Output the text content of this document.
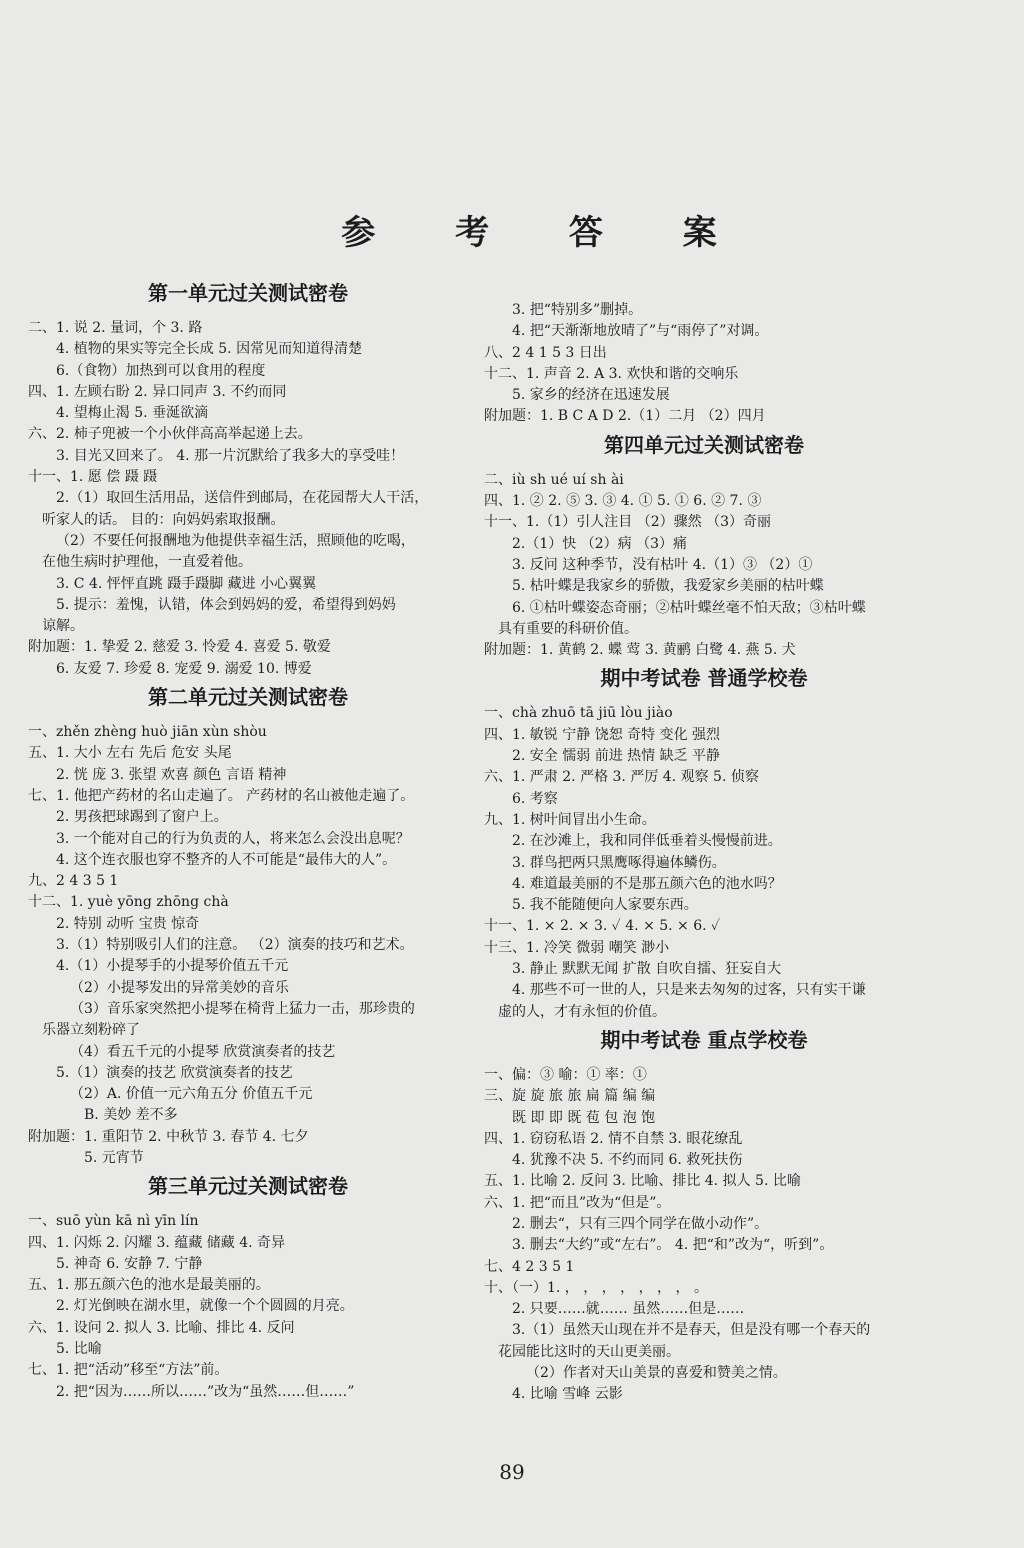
参 考 答 案
第一单元过关测试密卷
二、1. 说 2. 量词，个 3. 路
4. 植物的果实等完全长成 5. 因常见而知道得清楚
6.（食物）加热到可以食用的程度
四、1. 左顾右盼 2. 异口同声 3. 不约而同
4. 望梅止渴 5. 垂涎欲滴
六、2. 柿子兜被一个小伙伴高高举起递上去。
3. 目光又回来了。 4. 那一片沉默给了我多大的享受哇！
十一、1. 愿 偿 蹑 蹑
2.（1）取回生活用品，送信件到邮局，在花园帮大人干活，
听家人的话。 目的：向妈妈索取报酬。
（2）不要任何报酬地为他提供幸福生活，照顾他的吃喝，
在他生病时护理他，一直爱着他。
3. C 4. 怦怦直跳 蹑手蹑脚 藏进 小心翼翼
5. 提示：羞愧，认错，体会到妈妈的爱，希望得到妈妈
谅解。
附加题：1. 挚爱 2. 慈爱 3. 怜爱 4. 喜爱 5. 敬爱
6. 友爱 7. 珍爱 8. 宠爱 9. 溺爱 10. 博爱
第二单元过关测试密卷
一、zhěn zhèng huò jiān xùn shòu
五、1. 大小 左右 先后 危安 头尾
2. 恍 庞 3. 张望 欢喜 颜色 言语 精神
七、1. 他把产药材的名山走遍了。 产药材的名山被他走遍了。
2. 男孩把球踢到了窗户上。
3. 一个能对自己的行为负责的人，将来怎么会没出息呢？
4. 这个连衣服也穿不整齐的人不可能是“最伟大的人”。
九、2 4 3 5 1
十二、1. yuè yōng zhōng chà
2. 特别 动听 宝贵 惊奇
3.（1）特别吸引人们的注意。 （2）演奏的技巧和艺术。
4.（1）小提琴手的小提琴价值五千元
（2）小提琴发出的异常美妙的音乐
（3）音乐家突然把小提琴在椅背上猛力一击，那珍贵的
乐器立刻粉碎了
（4）看五千元的小提琴 欣赏演奏者的技艺
5.（1）演奏的技艺 欣赏演奏者的技艺
（2）A. 价值一元六角五分 价值五千元
B. 美妙 差不多
附加题：1. 重阳节 2. 中秋节 3. 春节 4. 七夕
5. 元宵节
第三单元过关测试密卷
一、suō yùn kā nì yīn lín
四、1. 闪烁 2. 闪耀 3. 蕴藏 储藏 4. 奇异
5. 神奇 6. 安静 7. 宁静
五、1. 那五颜六色的池水是最美丽的。
2. 灯光倒映在湖水里，就像一个个圆圆的月亮。
六、1. 设问 2. 拟人 3. 比喻、排比 4. 反问
5. 比喻
七、1. 把“活动”移至“方法”前。
2. 把“因为……所以……”改为“虽然……但……”
3. 把“特别多”删掉。
4. 把“天渐渐地放晴了”与“雨停了”对调。
八、2 4 1 5 3 日出
十二、1. 声音 2. A 3. 欢快和谐的交响乐
5. 家乡的经济在迅速发展
附加题：1. B C A D 2.（1）二月 （2）四月
第四单元过关测试密卷
二、iù sh ué uí sh ài
四、1. ② 2. ⑤ 3. ③ 4. ① 5. ① 6. ② 7. ③
十一、1.（1）引人注目 （2）骤然 （3）奇丽
2.（1）快 （2）病 （3）痛
3. 反问 这种季节，没有枯叶 4.（1）③ （2）①
5. 枯叶蝶是我家乡的骄傲，我爱家乡美丽的枯叶蝶
6. ①枯叶蝶姿态奇丽；②枯叶蝶丝毫不怕天敌；③枯叶蝶
具有重要的科研价值。
附加题：1. 黄鹤 2. 蝶 莺 3. 黄鹂 白鹭 4. 燕 5. 犬
期中考试卷 普通学校卷
一、chà zhuō tā jiū lòu jiào
四、1. 敏锐 宁静 饶恕 奇特 变化 强烈
2. 安全 懦弱 前进 热情 缺乏 平静
六、1. 严肃 2. 严格 3. 严厉 4. 观察 5. 侦察
6. 考察
九、1. 树叶间冒出小生命。
2. 在沙滩上，我和同伴低垂着头慢慢前进。
3. 群鸟把两只黑鹰啄得遍体鳞伤。
4. 难道最美丽的不是那五颜六色的池水吗？
5. 我不能随便向人家要东西。
十一、1. × 2. × 3. ✓ 4. × 5. × 6. ✓
十三、1. 冷笑 微弱 嘲笑 渺小
3. 静止 默默无闻 扩散 自吹自擂、狂妄自大
4. 那些不可一世的人，只是来去匆匆的过客，只有实干谦
虚的人，才有永恒的价值。
期中考试卷 重点学校卷
一、偏：③ 喻：① 率：①
三、旋 旋 旅 旅 扁 篇 编 编
既 即 即 既 苞 包 泡 饱
四、1. 窃窃私语 2. 情不自禁 3. 眼花缭乱
4. 犹豫不决 5. 不约而同 6. 救死扶伤
五、1. 比喻 2. 反问 3. 比喻、排比 4. 拟人 5. 比喻
六、1. 把“而且”改为“但是”。
2. 删去“，只有三四个同学在做小动作”。
3. 删去“大约”或“左右”。 4. 把“和”改为“，听到”。
七、4 2 3 5 1
十、（一）1. ， ， ， ， ， ， ， 。
2. 只要……就…… 虽然……但是……
3.（1）虽然天山现在并不是春天，但是没有哪一个春天的
花园能比这时的天山更美丽。
（2）作者对天山美景的喜爱和赞美之情。
4. 比喻 雪峰 云影
89
